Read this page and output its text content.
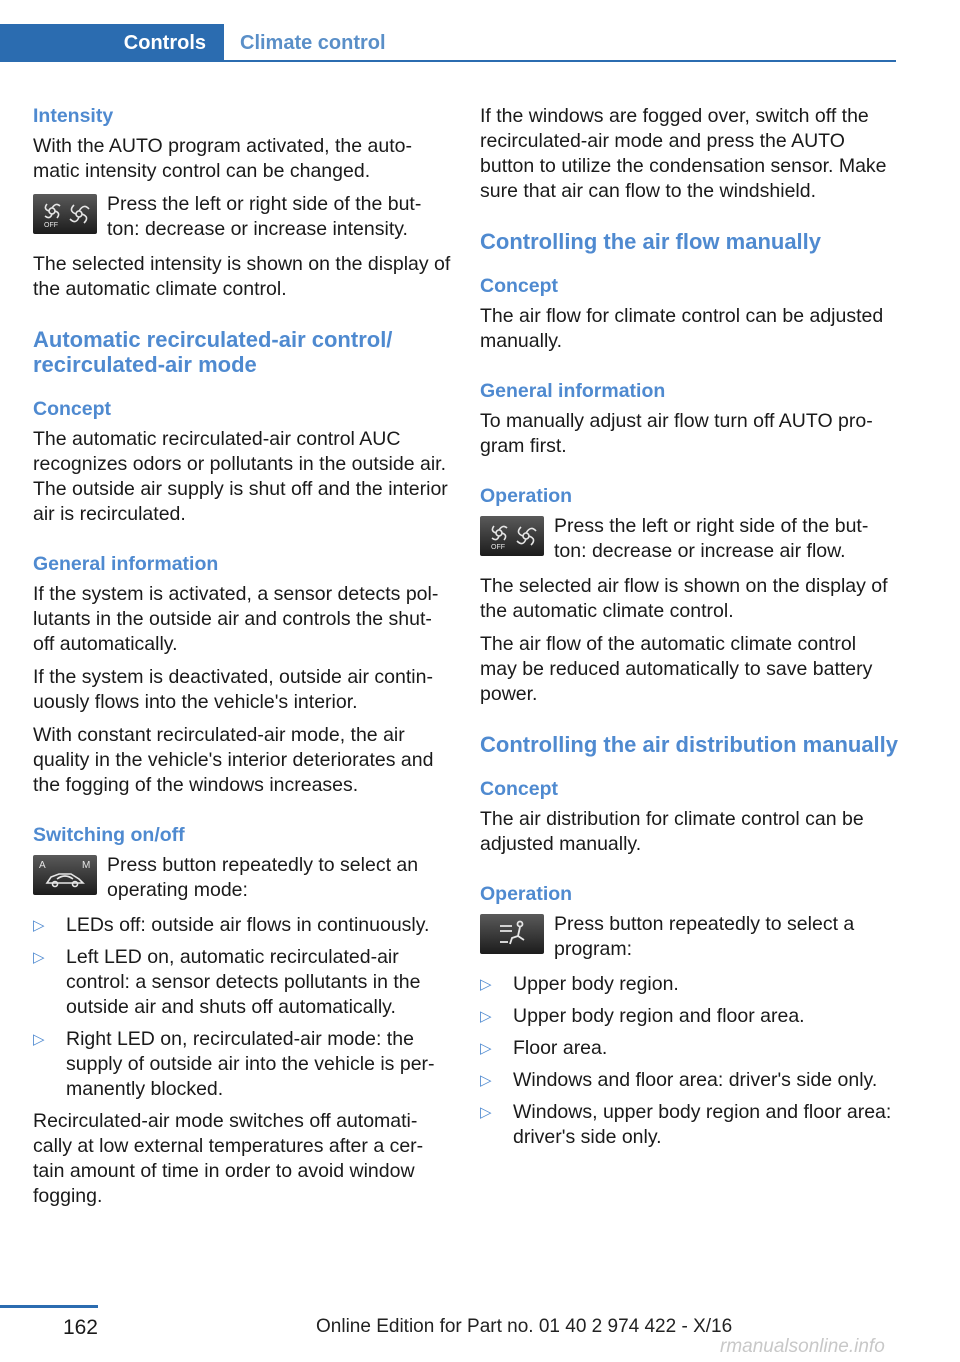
Controls	Climate control
Intensity

With the AUTO program activated, the auto‐matic intensity control can be changed.

OFF

Press the left or right side of the but‐ton: decrease or increase intensity.

The selected intensity is shown on the display of the automatic climate control.

Automatic recirculated-air control/ recirculated-air mode
Concept

The automatic recirculated-air control AUC recognizes odors or pollutants in the outside air. The outside air supply is shut off and the interior air is recirculated.

General information

If the system is activated, a sensor detects pol‐lutants in the outside air and controls the shut‐off automatically.

If the system is deactivated, outside air contin‐uously flows into the vehicle's interior.

With constant recirculated-air mode, the air quality in the vehicle's interior deteriorates and the fogging of the windows increases.

Switching on/off
A	M Press button repeatedly to select an operating mode:

▷ LEDs off: outside air flows in continuously.
▷ Left LED on, automatic recirculated-air control: a sensor detects pollutants in the outside air and shuts off automatically.
▷ Right LED on, recirculated-air mode: the supply of outside air into the vehicle is per‐manently blocked.

Recirculated-air mode switches off automati‐cally at low external temperatures after a cer‐tain amount of time in order to avoid window fogging.

If the windows are fogged over, switch off the recirculated-air mode and press the AUTO button to utilize the condensation sensor. Make sure that air can flow to the windshield.

Controlling the air flow manually
Concept

The air flow for climate control can be adjusted manually.

General information

To manually adjust air flow turn off AUTO pro‐gram first.

Operation
OFF

Press the left or right side of the but‐ton: decrease or increase air flow.

The selected air flow is shown on the display of the automatic climate control.

The air flow of the automatic climate control may be reduced automatically to save battery power.

Controlling the air distribution manually
Concept

The air distribution for climate control can be adjusted manually.

Operation

Press button repeatedly to select a program:

▷ Upper body region.
▷ Upper body region and floor area.
▷ Floor area.
▷ Windows and floor area: driver's side only.
▷ Windows, upper body region and floor area: driver's side only.
162	Online Edition for Part no. 01 40 2 974 422 - X/16
rmanualsonline.info
